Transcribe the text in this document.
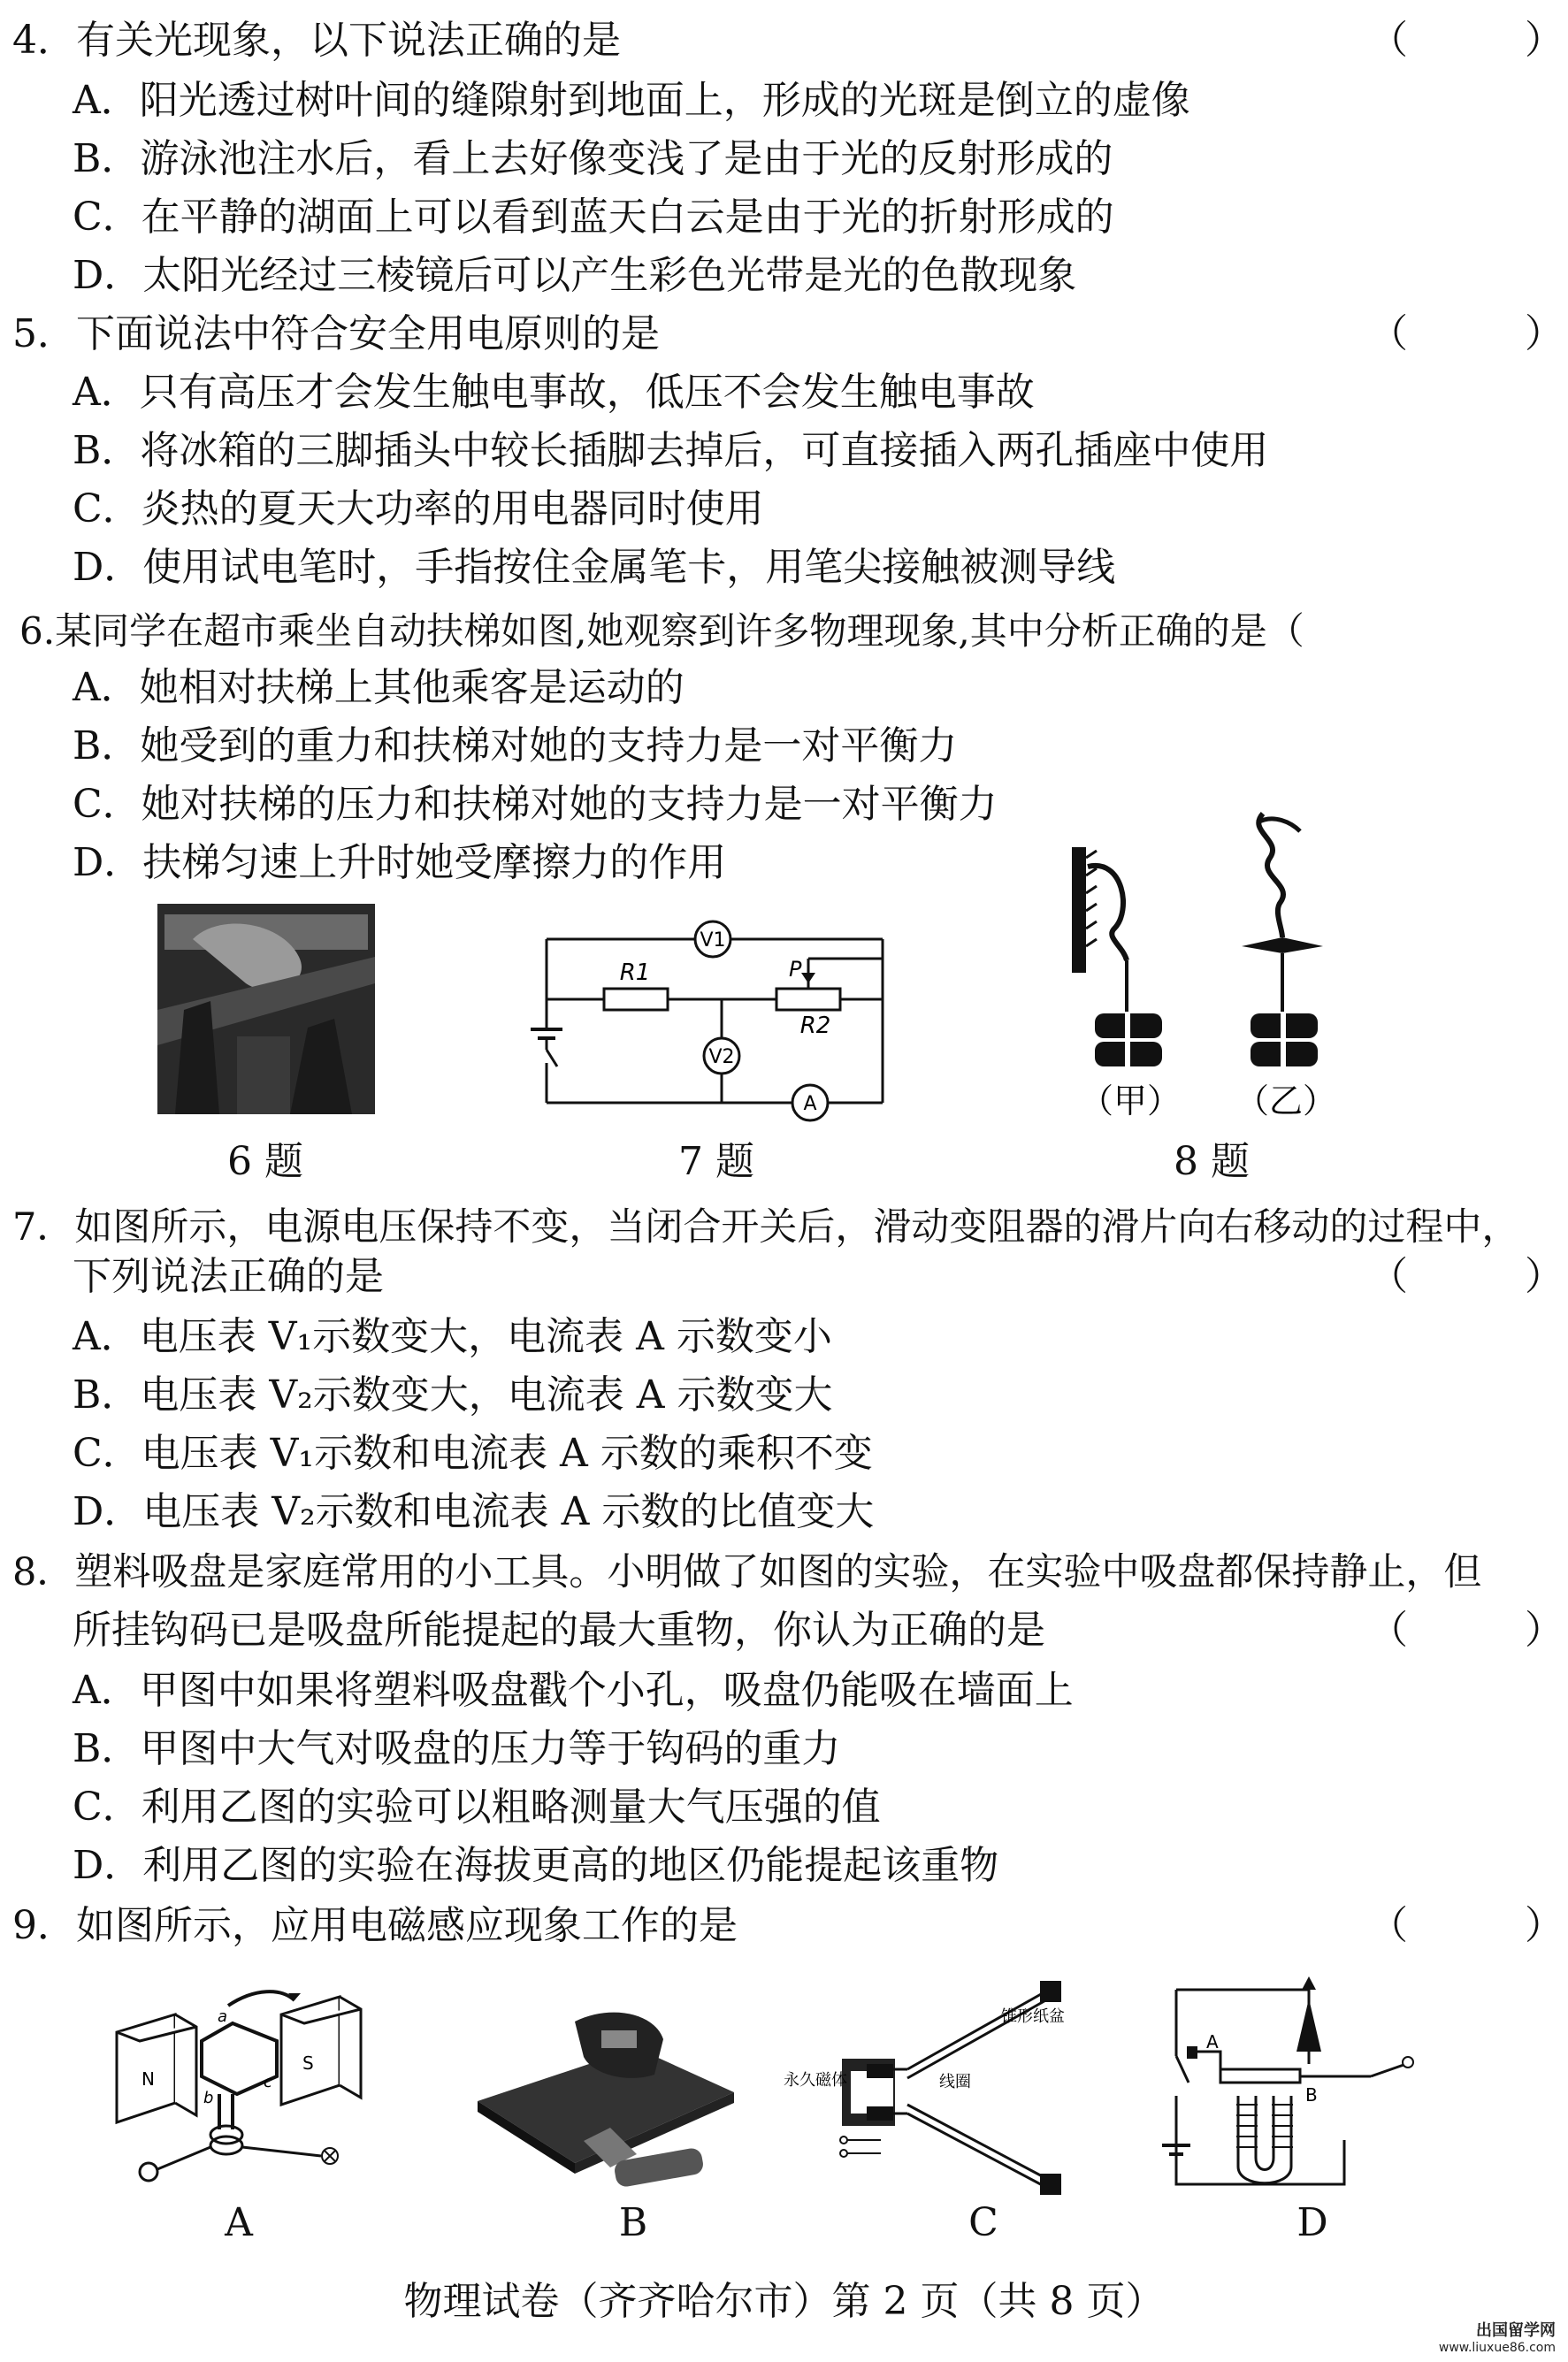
4．有关光现象，以下说法正确的是	（　　　）
A．阳光透过树叶间的缝隙射到地面上，形成的光斑是倒立的虚像
B．游泳池注水后，看上去好像变浅了是由于光的反射形成的
C．在平静的湖面上可以看到蓝天白云是由于光的折射形成的
D．太阳光经过三棱镜后可以产生彩色光带是光的色散现象
5．下面说法中符合安全用电原则的是	（　　　）
A．只有高压才会发生触电事故，低压不会发生触电事故
B．将冰箱的三脚插头中较长插脚去掉后，可直接插入两孔插座中使用
C．炎热的夏天大功率的用电器同时使用
D．使用试电笔时，手指按住金属笔卡，用笔尖接触被测导线
6.某同学在超市乘坐自动扶梯如图,她观察到许多物理现象,其中分析正确的是（
A．她相对扶梯上其他乘客是运动的
B．她受到的重力和扶梯对她的支持力是一对平衡力
C．她对扶梯的压力和扶梯对她的支持力是一对平衡力
D．扶梯匀速上升时她受摩擦力的作用
V1
V2
A
R1
R2
P
（甲） （乙）
6 题	7 题	8 题
7．如图所示，电源电压保持不变，当闭合开关后，滑动变阻器的滑片向右移动的过程中，
下列说法正确的是	（　　　）
A．电压表 V₁示数变大，电流表 A 示数变小
B．电压表 V₂示数变大，电流表 A 示数变大
C．电压表 V₁示数和电流表 A 示数的乘积不变
D．电压表 V₂示数和电流表 A 示数的比值变大
8．塑料吸盘是家庭常用的小工具。小明做了如图的实验，在实验中吸盘都保持静止，但
所挂钩码已是吸盘所能提起的最大重物，你认为正确的是	（　　　）
A．甲图中如果将塑料吸盘戳个小孔，吸盘仍能吸在墙面上
B．甲图中大气对吸盘的压力等于钩码的重力
C．利用乙图的实验可以粗略测量大气压强的值
D．利用乙图的实验在海拔更高的地区仍能提起该重物
9．如图所示，应用电磁感应现象工作的是	（　　　）
N
S
a
b
c
锥形纸盆
永久磁体	线圈
A
B
A	B	C	D
物理试卷（齐齐哈尔市）第 2 页（共 8 页）
出国留学网
www.liuxue86.com
